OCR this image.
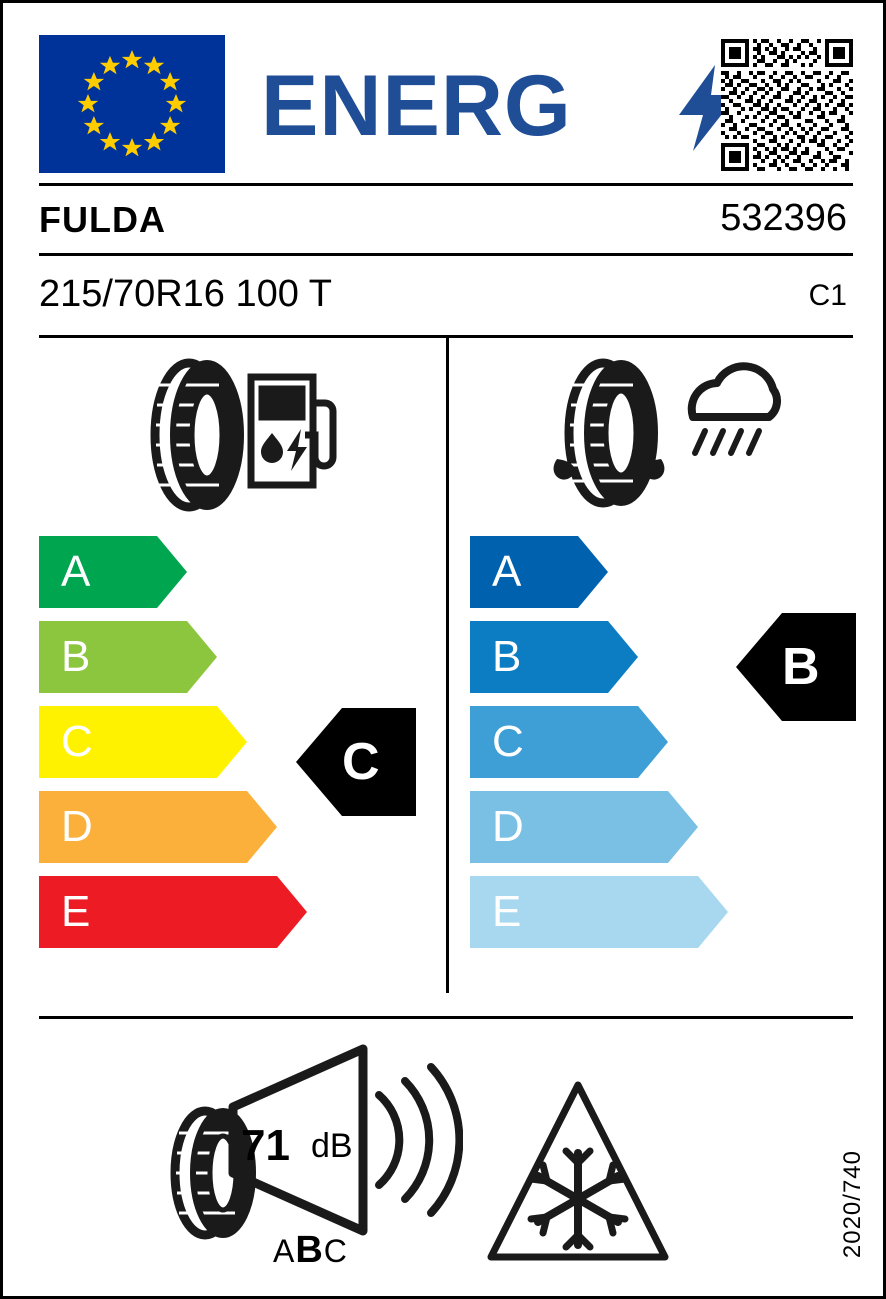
ENERG
FULDA	532396
215/70R16 100 T	C1
A
B
C
D
E
C
A
B
C
D
E
B
71 dB
ABC	2020/740
